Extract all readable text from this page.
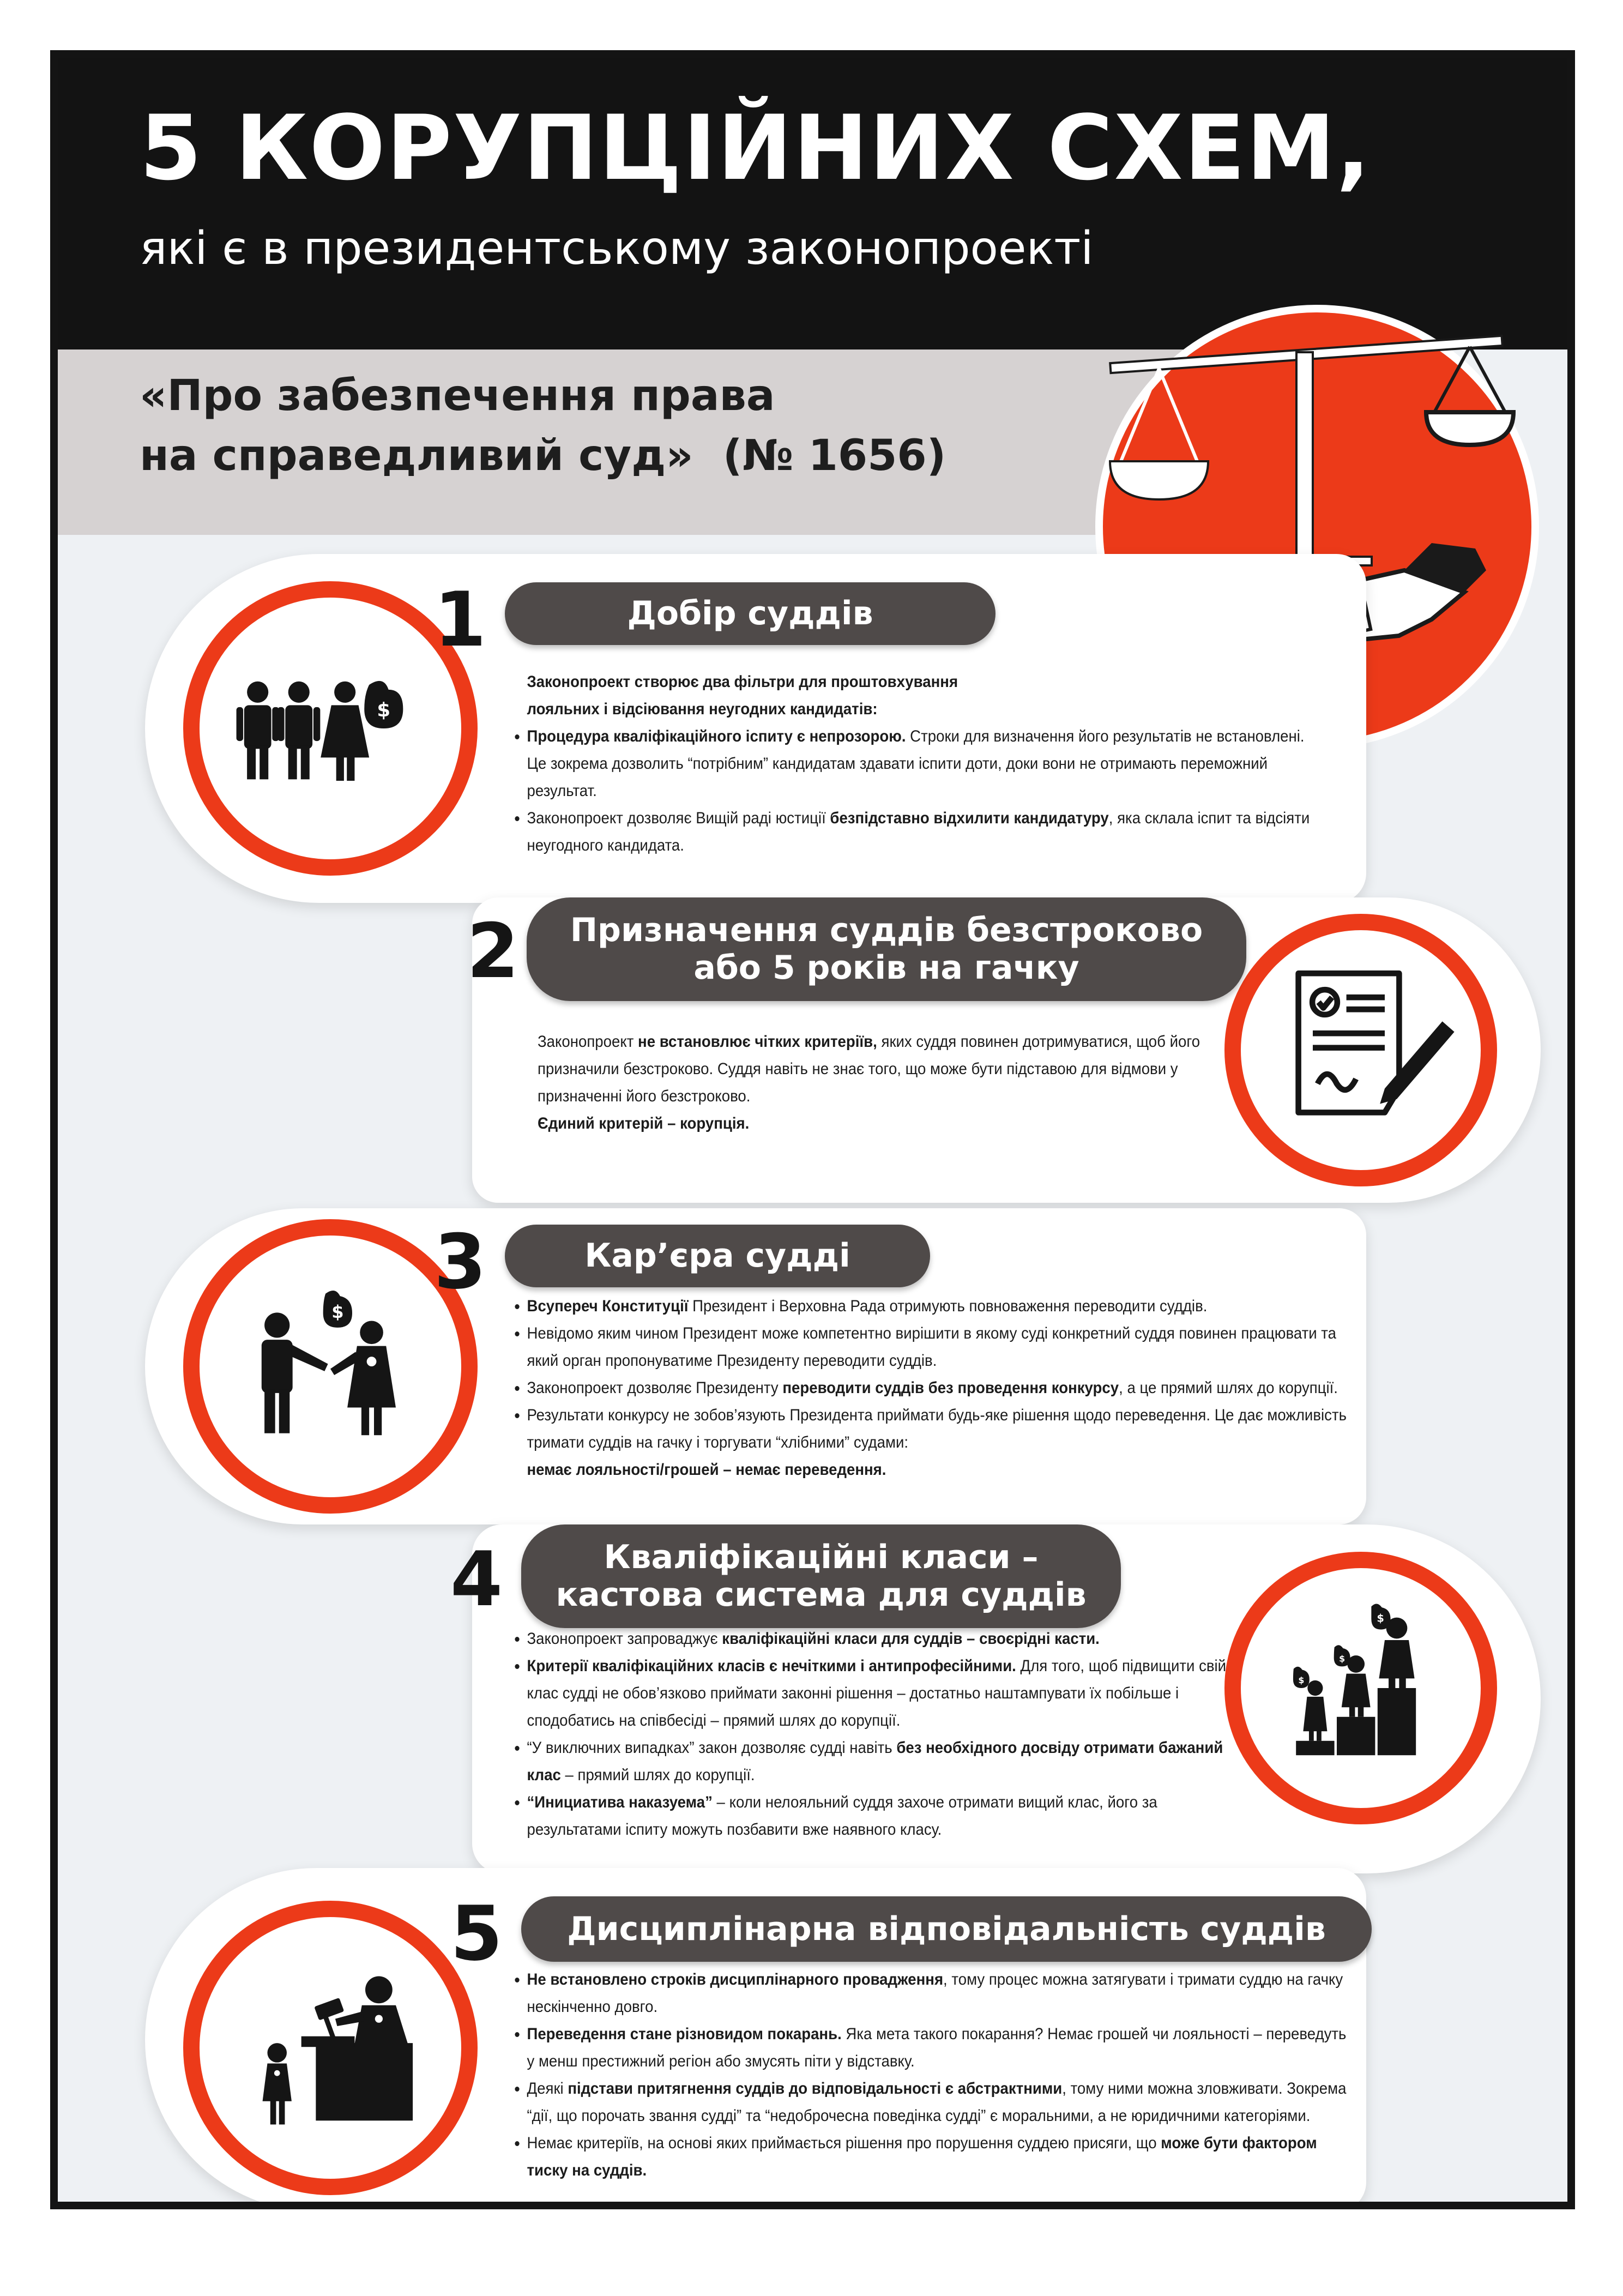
5 КОРУПЦІЙНИХ СХЕМ,
які є в президентському законопроекті

«Про забезпечення права

на справедливий суд» (№ 1656)

$
1	Добір суддів

Законопроект створює два фільтри для проштовхування лояльних і відсіювання неугодних кандидатів:

• Процедура кваліфікаційного іспиту є непрозорою. Строки для визначення його результатів не встановлені. Це зокрема дозволить “потрібним” кандидатам здавати іспити доти, доки вони не отримають переможний результат.
• Законопроект дозволяє Вищій раді юстиції безпідставно відхилити кандидатуру, яка склала іспит та відсіяти неугодного кандидата.
2 Призначення суддів безстроково
або 5 років на гачку

Законопроект не встановлює чітких критеріїв, яких суддя повинен дотримуватися, щоб його призначили безстроково. Суддя навіть не знає того, що може бути підставою для відмови у призначенні його безстроково.

Єдиний критерій – корупція.

$
3	Кар’єра судді
• Всупереч Конституції Президент і Верховна Рада отримують повноваження переводити суддів.
• Невідомо яким чином Президент може компетентно вирішити в якому суді конкретний суддя повинен працювати та який орган пропонуватиме Президенту переводити суддів.
• Законопроект дозволяє Президенту переводити суддів без проведення конкурсу, а це прямий шлях до корупції.
• Результати конкурсу не зобов’язують Президента приймати будь-яке рішення щодо переведення. Це дає можливість тримати суддів на гачку і торгувати “хлібними” судами:
немає лояльності/грошей – немає переведення.
$
$
$
4	Кваліфікаційні класи –
кастова система для суддів
• Законопроект запроваджує кваліфікаційні класи для суддів – своєрідні касти.
• Критерії кваліфікаційних класів є нечіткими і антипрофесійними. Для того, щоб підвищити свій клас судді не обов’язково приймати законні рішення – достатньо наштампувати їх побільше і сподобатись на співбесіді – прямий шлях до корупції.
• “У виключних випадках” закон дозволяє судді навіть без необхідного досвіду отримати бажаний клас – прямий шлях до корупції.
• “Инициатива наказуема” – коли нелояльний суддя захоче отримати вищий клас, його за результатами іспиту можуть позбавити вже наявного класу.
5 Дисциплінарна відповідальність суддів
• Не встановлено строків дисциплінарного провадження, тому процес можна затягувати і тримати суддю на гачку нескінченно довго.
• Переведення стане різновидом покарань. Яка мета такого покарання? Немає грошей чи лояльності – переведуть у менш престижний регіон або змусять піти у відставку.
• Деякі підстави притягнення суддів до відповідальності є абстрактними, тому ними можна зловживати. Зокрема “дії, що порочать звання судді” та “недоброчесна поведінка судді” є моральними, а не юридичними категоріями.
• Немає критеріїв, на основі яких приймається рішення про порушення суддею присяги, що може бути фактором тиску на суддів.
